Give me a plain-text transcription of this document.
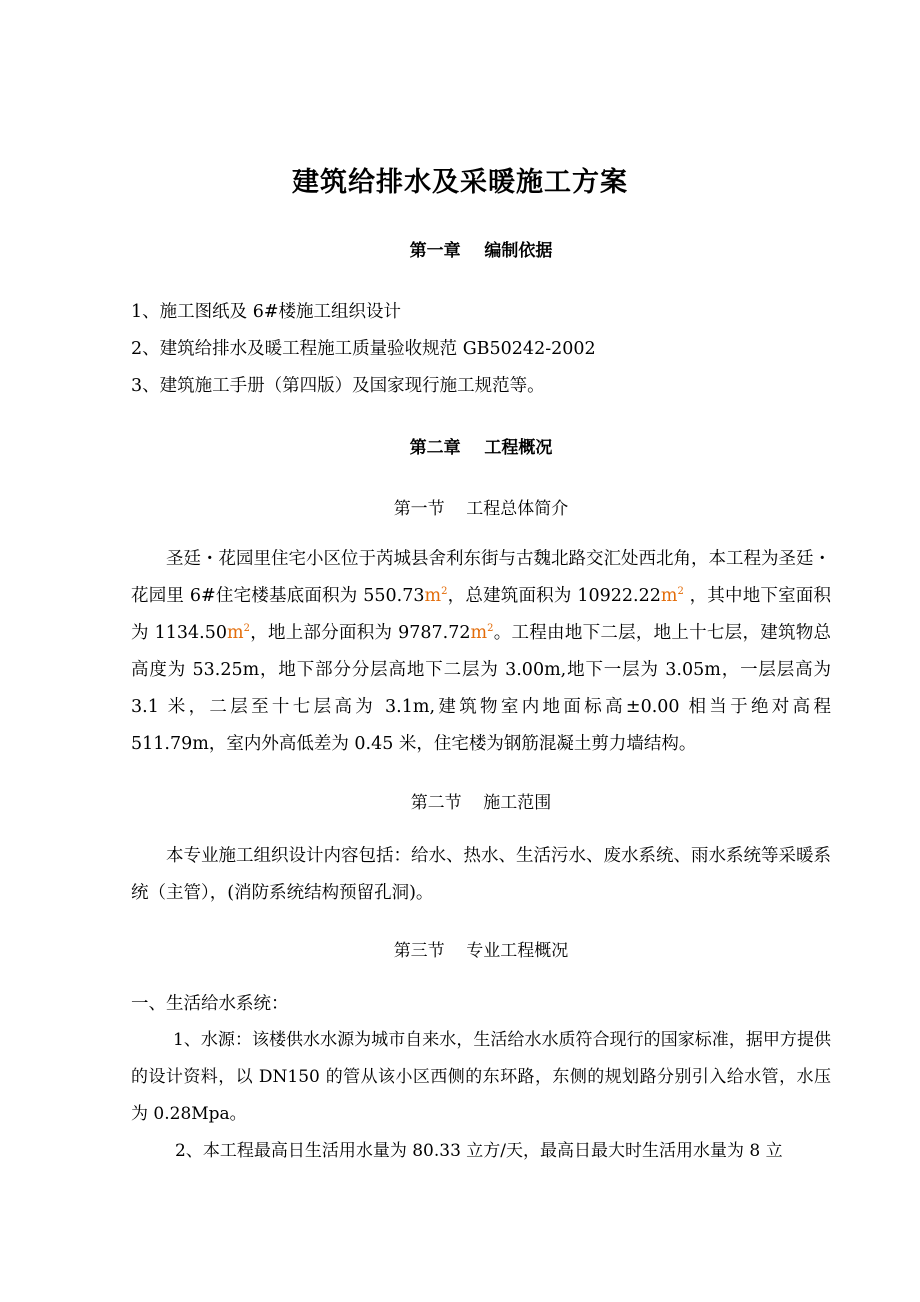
建筑给排水及采暖施工方案
第一章    编制依据
1、施工图纸及 6#楼施工组织设计
2、建筑给排水及暖工程施工质量验收规范 GB50242-2002
3、建筑施工手册（第四版）及国家现行施工规范等。
第二章    工程概况
第一节    工程总体简介
圣廷・花园里住宅小区位于芮城县舍利东街与古魏北路交汇处西北角，本工程为圣廷・花园里 6#住宅楼基底面积为 $550.73m^2$，总建筑面积为 $10922.22m^2$ ，其中地下室面积为 $1134.50m^2$，地上部分面积为 $9787.72m^2$。工程由地下二层，地上十七层，建筑物总高度为 53.25m，地下部分分层高地下二层为 3.00m,地下一层为 3.05m，一层层高为 3.1 米，二层至十七层高为 3.1m,建筑物室内地面标高±0.00 相当于绝对高程 511.79m，室内外高低差为 0.45 米，住宅楼为钢筋混凝土剪力墙结构。
第二节    施工范围
本专业施工组织设计内容包括：给水、热水、生活污水、废水系统、雨水系统等采暖系统（主管），(消防系统结构预留孔洞)。
第三节    专业工程概况
一、生活给水系统：
1、水源：该楼供水水源为城市自来水，生活给水水质符合现行的国家标准，据甲方提供的设计资料，以 DN150 的管从该小区西侧的东环路，东侧的规划路分别引入给水管，水压为 0.28Mpa。
2、本工程最高日生活用水量为 80.33 立方/天，最高日最大时生活用水量为 8 立
